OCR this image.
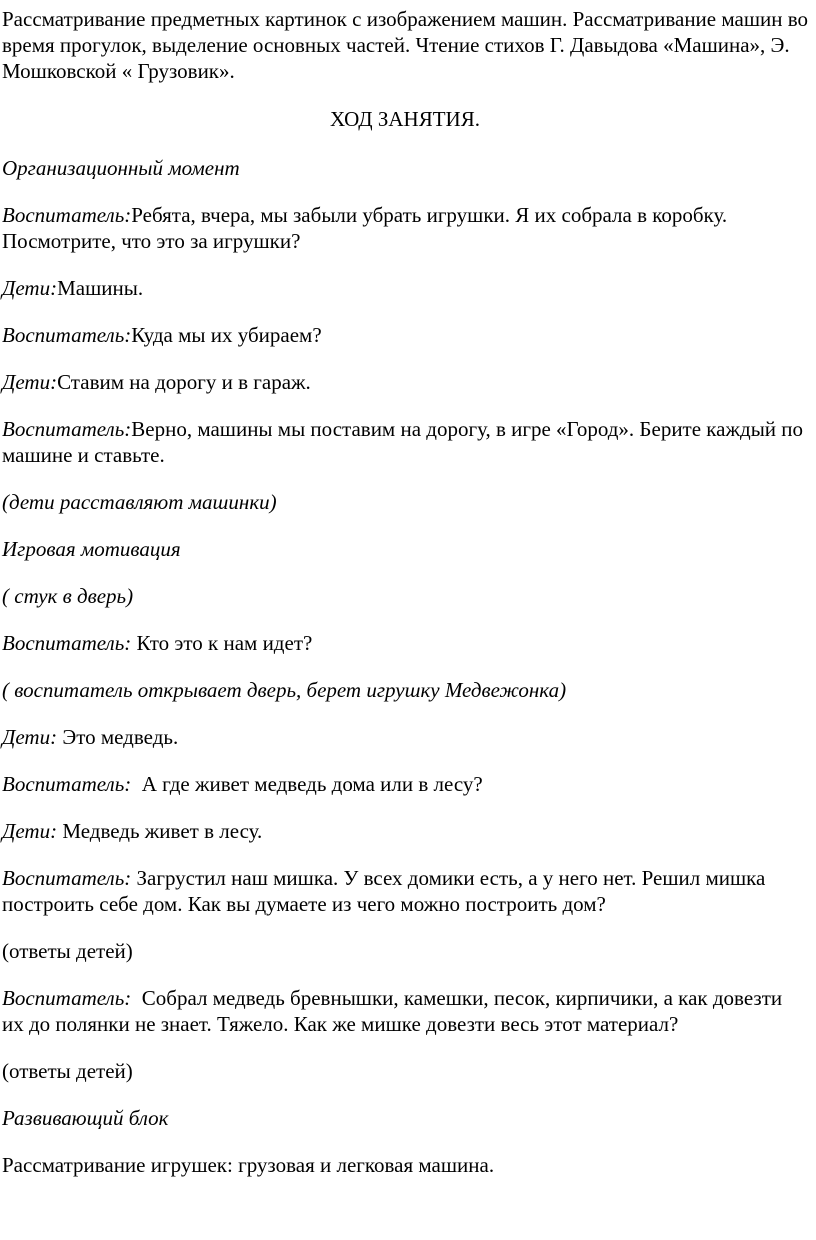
Рассматривание предметных картинок с изображением машин. Рассматривание машин во время прогулок, выделение основных частей. Чтение стихов Г. Давыдова «Машина», Э. Мошковской « Грузовик».

ХОД ЗАНЯТИЯ.

Организационный момент

Воспитатель:Ребята, вчера, мы забыли убрать игрушки. Я их собрала в коробку. Посмотрите, что это за игрушки?

Дети:Машины.

Воспитатель:Куда мы их убираем?

Дети:Ставим на дорогу и в гараж.

Воспитатель:Верно, машины мы поставим на дорогу, в игре «Город». Берите каждый по машине и ставьте.

(дети расставляют машинки)

Игровая мотивация

( стук в дверь)

Воспитатель: Кто это к нам идет?

( воспитатель открывает дверь, берет игрушку Медвежонка)

Дети: Это медведь.

Воспитатель:  А где живет медведь дома или в лесу?

Дети: Медведь живет в лесу.

Воспитатель: Загрустил наш мишка. У всех домики есть, а у него нет. Решил мишка построить себе дом. Как вы думаете из чего можно построить дом?

(ответы детей)

Воспитатель:  Собрал медведь бревнышки, камешки, песок, кирпичики, а как довезти их до полянки не знает. Тяжело. Как же мишке довезти весь этот материал?

(ответы детей)

Развивающий блок

Рассматривание игрушек: грузовая и легковая машина.
